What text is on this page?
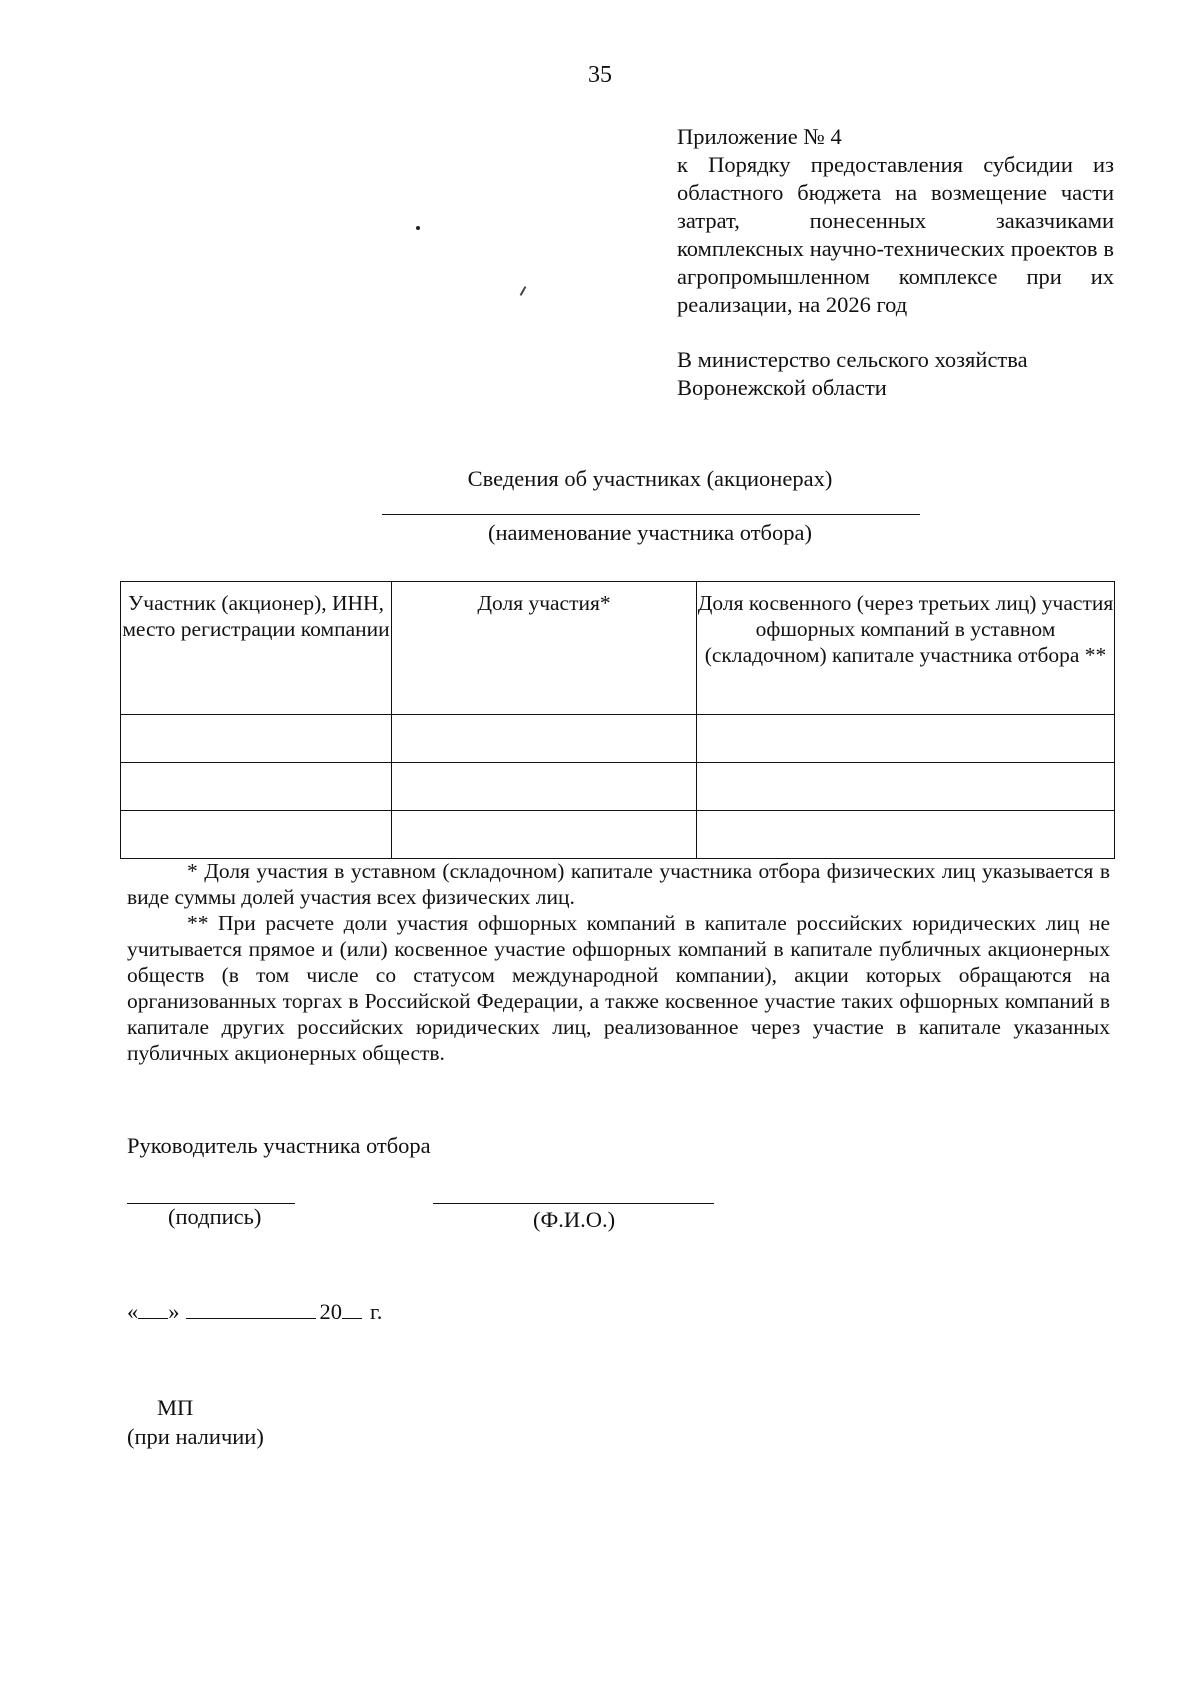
35
Приложение № 4
к Порядку предоставления субсидии из областного бюджета на возмещение части затрат, понесенных заказчиками комплексных научно-технических проектов в агропромышленном комплексе при их реализации, на 2026 год
В министерство сельского хозяйства
Воронежской области
Сведения об участниках (акционерах)
(наименование участника отбора)
Участник (акционер), ИНН, место регистрации компании	Доля участия*	Доля косвенного (через третьих лиц) участия офшорных компаний в уставном (складочном) капитале участника отбора **

* Доля участия в уставном (складочном) капитале участника отбора физических лиц указывается в виде суммы долей участия всех физических лиц.
** При расчете доли участия офшорных компаний в капитале российских юридических лиц не учитывается прямое и (или) косвенное участие офшорных компаний в капитале публичных акционерных обществ (в том числе со статусом международной компании), акции которых обращаются на организованных торгах в Российской Федерации, а также косвенное участие таких офшорных компаний в капитале других российских юридических лиц, реализованное через участие в капитале указанных публичных акционерных обществ.
Руководитель участника отбора
(подпись)	(Ф.И.О.)
« »	20 г.
МП
(при наличии)
